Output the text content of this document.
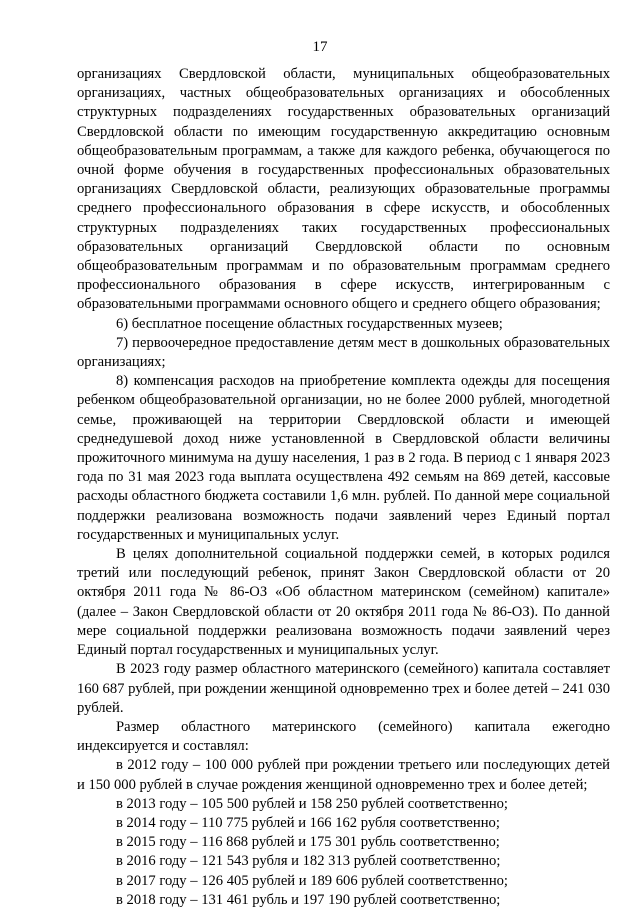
17

организациях Свердловской области, муниципальных общеобразовательных организациях, частных общеобразовательных организациях и обособленных структурных подразделениях государственных образовательных организаций Свердловской области по имеющим государственную аккредитацию основным общеобразовательным программам, а также для каждого ребенка, обучающегося по очной форме обучения в государственных профессиональных образовательных организациях Свердловской области, реализующих образовательные программы среднего профессионального образования в сфере искусств, и обособленных структурных подразделениях таких государственных профессиональных образовательных организаций Свердловской области по основным общеобразовательным программам и по образовательным программам среднего профессионального образования в сфере искусств, интегрированным с образовательными программами основного общего и среднего общего образования;

6) бесплатное посещение областных государственных музеев;

7) первоочередное предоставление детям мест в дошкольных образовательных организациях;

8) компенсация расходов на приобретение комплекта одежды для посещения ребенком общеобразовательной организации, но не более 2000 рублей, многодетной семье, проживающей на территории Свердловской области и имеющей среднедушевой доход ниже установленной в Свердловской области величины прожиточного минимума на душу населения, 1 раз в 2 года. В период с 1 января 2023 года по 31 мая 2023 года выплата осуществлена 492 семьям на 869 детей, кассовые расходы областного бюджета составили 1,6 млн. рублей. По данной мере социальной поддержки реализована возможность подачи заявлений через Единый портал государственных и муниципальных услуг.

В целях дополнительной социальной поддержки семей, в которых родился третий или последующий ребенок, принят Закон Свердловской области от 20 октября 2011 года № 86-ОЗ «Об областном материнском (семейном) капитале» (далее – Закон Свердловской области от 20 октября 2011 года № 86-ОЗ). По данной мере социальной поддержки реализована возможность подачи заявлений через Единый портал государственных и муниципальных услуг.

В 2023 году размер областного материнского (семейного) капитала составляет 160 687 рублей, при рождении женщиной одновременно трех и более детей – 241 030 рублей.

Размер областного материнского (семейного) капитала ежегодно индексируется и составлял:

в 2012 году – 100 000 рублей при рождении третьего или последующих детей и 150 000 рублей в случае рождения женщиной одновременно трех и более детей;

в 2013 году – 105 500 рублей и 158 250 рублей соответственно;

в 2014 году – 110 775 рублей и 166 162 рубля соответственно;

в 2015 году – 116 868 рублей и 175 301 рубль соответственно;

в 2016 году – 121 543 рубля и 182 313 рублей соответственно;

в 2017 году – 126 405 рублей и 189 606 рублей соответственно;

в 2018 году – 131 461 рубль и 197 190 рублей соответственно;
